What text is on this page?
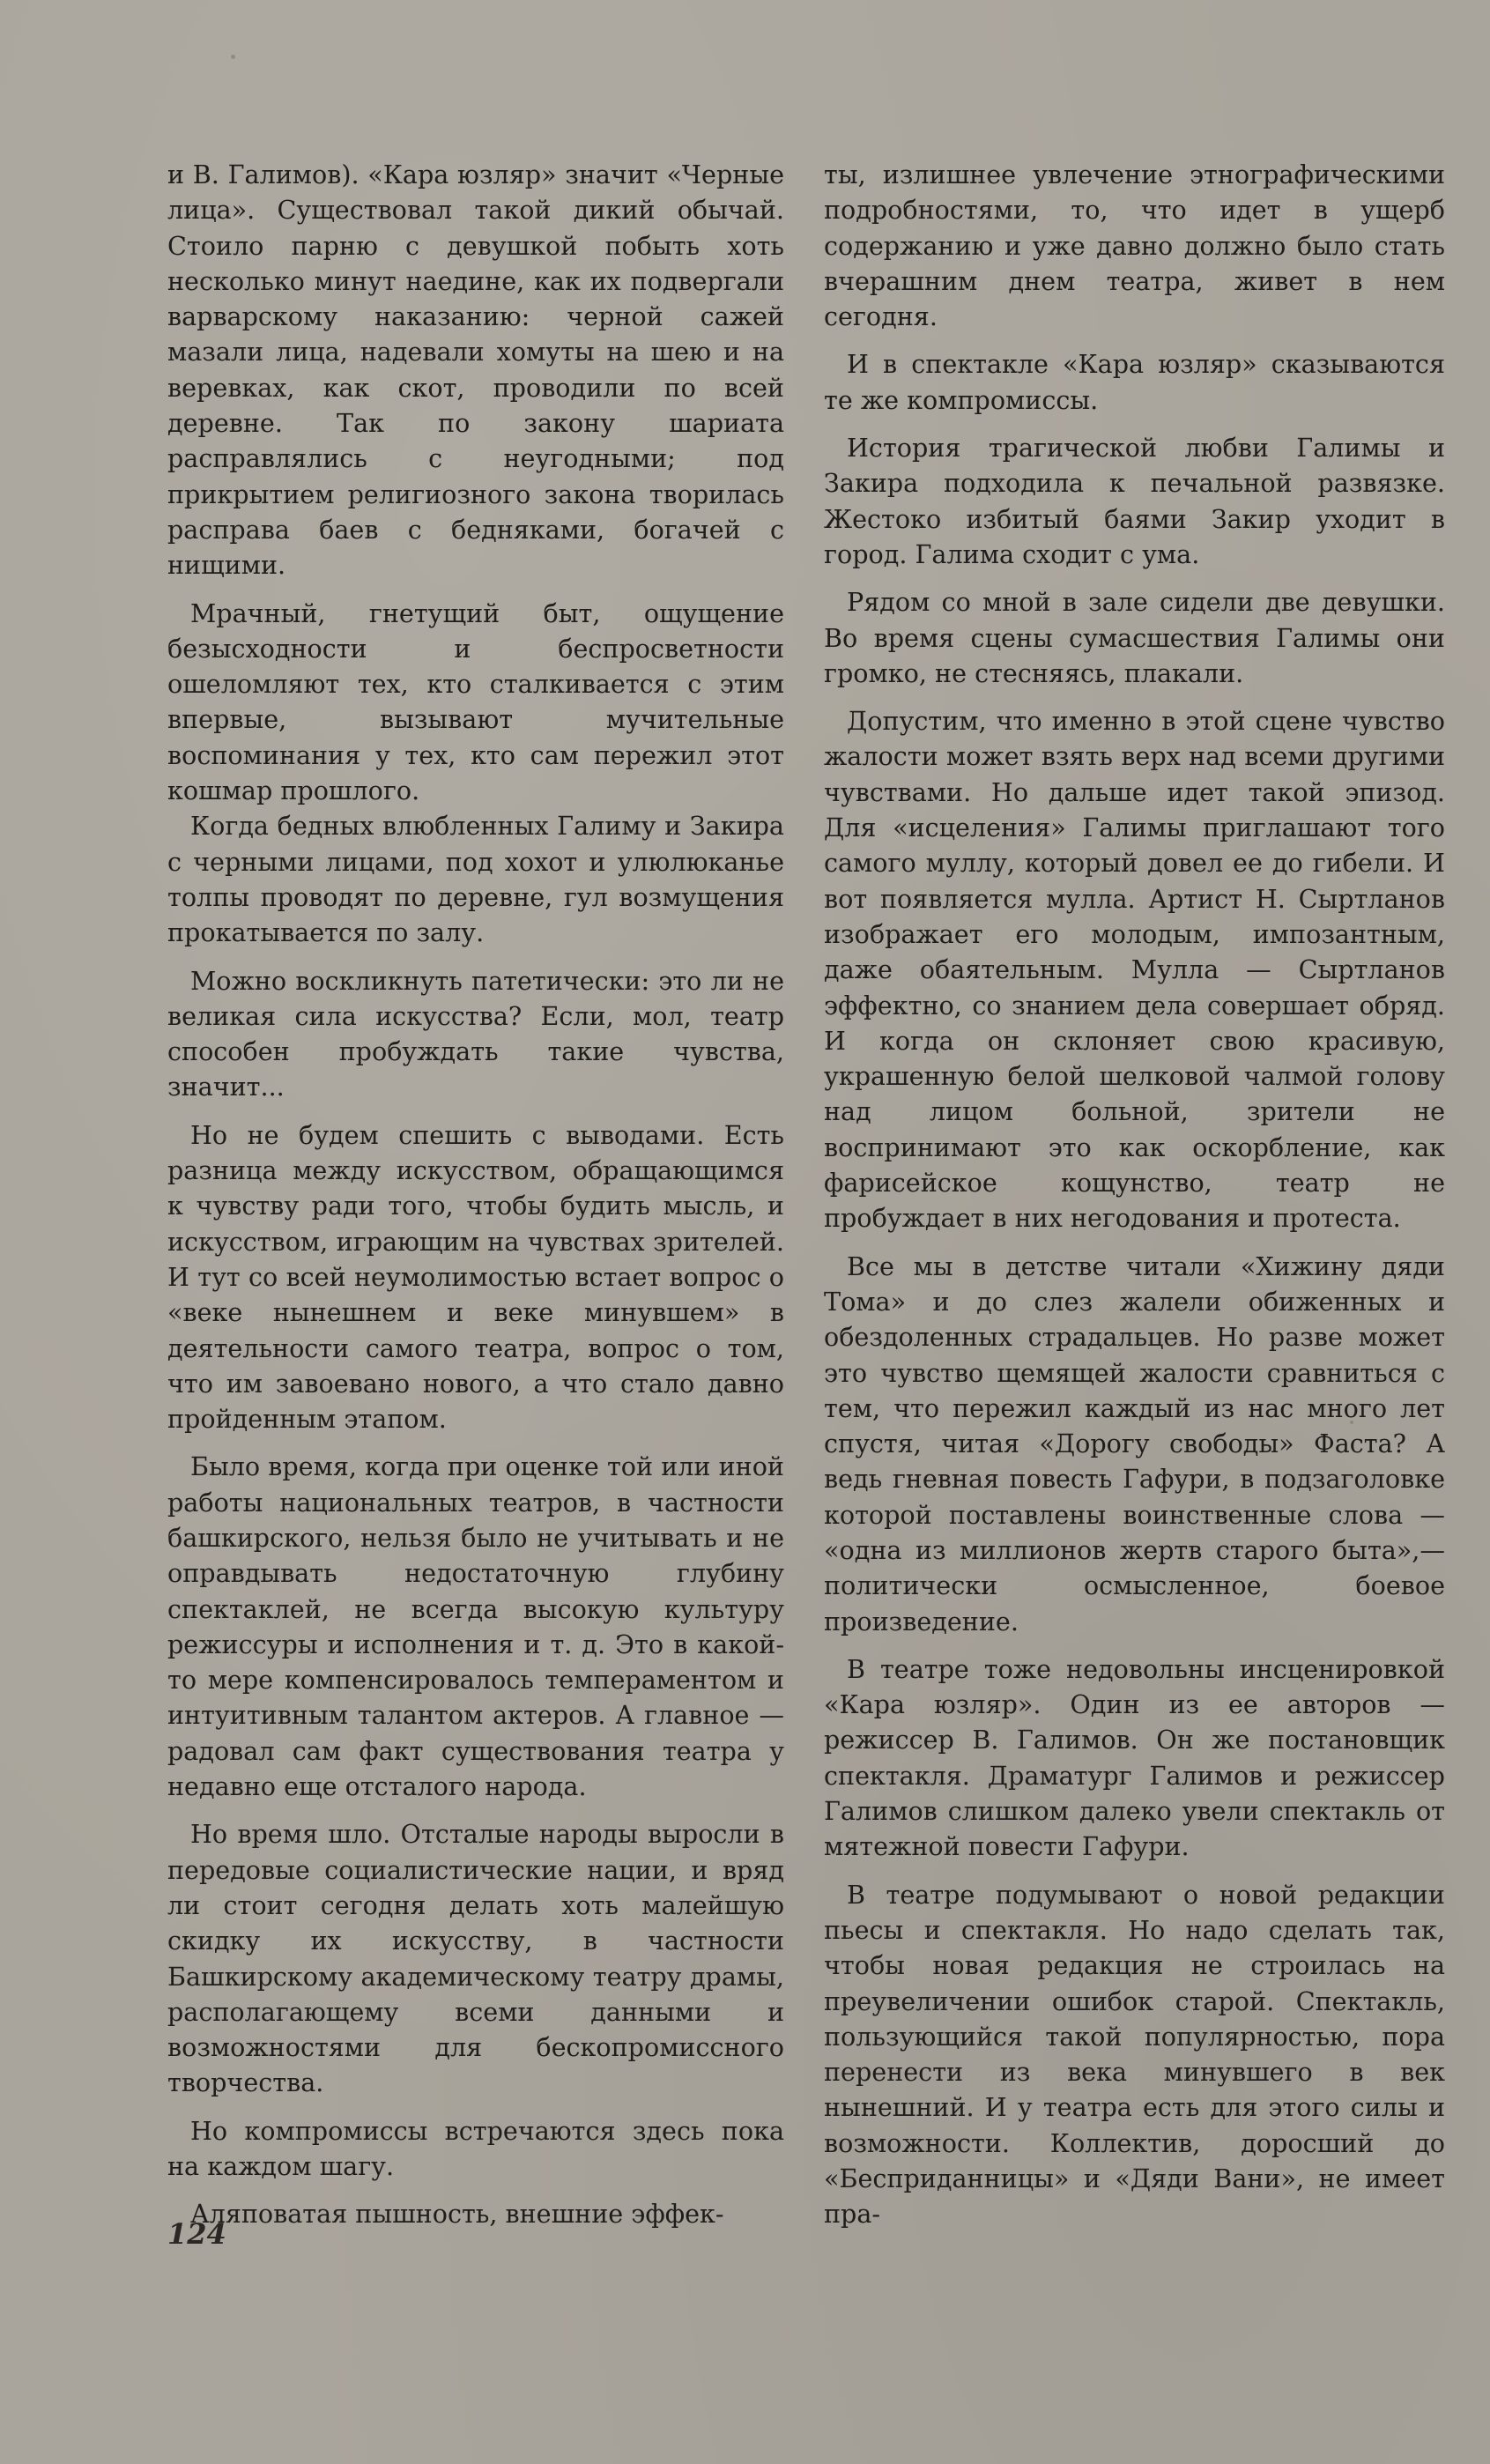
и В. Галимов). «Кара юзляр» значит «Черные лица». Существовал такой дикий обычай. Стоило парню с девушкой побыть хоть несколько минут наедине, как их подвергали варварскому наказанию: черной сажей мазали лица, надевали хомуты на шею и на веревках, как скот, проводили по всей деревне. Так по закону шариата расправлялись с неугодными; под прикрытием религиозного закона творилась расправа баев с бедняками, богачей с нищими.

Мрачный, гнетущий быт, ощущение безысходности и беспросветности ошеломляют тех, кто сталкивается с этим впервые, вызывают мучительные воспоминания у тех, кто сам пережил этот кошмар прошлого.

Когда бедных влюбленных Галиму и Закира с черными лицами, под хохот и улюлюканье толпы проводят по деревне, гул возмущения прокатывается по залу.

Можно воскликнуть патетически: это ли не великая сила искусства? Если, мол, театр способен пробуждать такие чувства, значит...

Но не будем спешить с выводами. Есть разница между искусством, обращающимся к чувству ради того, чтобы будить мысль, и искусством, играющим на чувствах зрителей. И тут со всей неумолимостью встает вопрос о «веке нынешнем и веке минувшем» в деятельности самого театра, вопрос о том, что им завоевано нового, а что стало давно пройденным этапом.

Было время, когда при оценке той или иной работы национальных театров, в частности башкирского, нельзя было не учитывать и не оправдывать недостаточную глубину спектаклей, не всегда высокую культуру режиссуры и исполнения и т. д. Это в какой-то мере компенсировалось темпераментом и интуитивным талантом актеров. А главное — радовал сам факт существования театра у недавно еще отсталого народа.

Но время шло. Отсталые народы выросли в передовые социалистические нации, и вряд ли стоит сегодня делать хоть малейшую скидку их искусству, в частности Башкирскому академическому театру драмы, располагающему всеми данными и возможностями для бескопромиссного творчества.

Но компромиссы встречаются здесь пока на каждом шагу.

Аляповатая пышность, внешние эффек-

ты, излишнее увлечение этнографическими подробностями, то, что идет в ущерб содержанию и уже давно должно было стать вчерашним днем театра, живет в нем сегодня.

И в спектакле «Кара юзляр» сказываются те же компромиссы.

История трагической любви Галимы и Закира подходила к печальной развязке. Жестоко избитый баями Закир уходит в город. Галима сходит с ума.

Рядом со мной в зале сидели две девушки. Во время сцены сумасшествия Галимы они громко, не стесняясь, плакали.

Допустим, что именно в этой сцене чувство жалости может взять верх над всеми другими чувствами. Но дальше идет такой эпизод. Для «исцеления» Галимы приглашают того самого муллу, который довел ее до гибели. И вот появляется мулла. Артист Н. Сыртланов изображает его молодым, импозантным, даже обаятельным. Мулла — Сыртланов эффектно, со знанием дела совершает обряд. И когда он склоняет свою красивую, украшенную белой шелковой чалмой голову над лицом больной, зрители не воспринимают это как оскорбление, как фарисейское кощунство, театр не пробуждает в них негодования и протеста.

Все мы в детстве читали «Хижину дяди Тома» и до слез жалели обиженных и обездоленных страдальцев. Но разве может это чувство щемящей жалости сравниться с тем, что пережил каждый из нас много лет спустя, читая «Дорогу свободы» Фаста? А ведь гневная повесть Гафури, в подзаголовке которой поставлены воинственные слова — «одна из миллионов жертв старого быта»,— политически осмысленное, боевое произведение.

В театре тоже недовольны инсценировкой «Кара юзляр». Один из ее авторов — режиссер В. Галимов. Он же постановщик спектакля. Драматург Галимов и режиссер Галимов слишком далеко увели спектакль от мятежной повести Гафури.

В театре подумывают о новой редакции пьесы и спектакля. Но надо сделать так, чтобы новая редакция не строилась на преувеличении ошибок старой. Спектакль, пользующийся такой популярностью, пора перенести из века минувшего в век нынешний. И у театра есть для этого силы и возможности. Коллектив, доросший до «Бесприданницы» и «Дяди Вани», не имеет пра-

124
